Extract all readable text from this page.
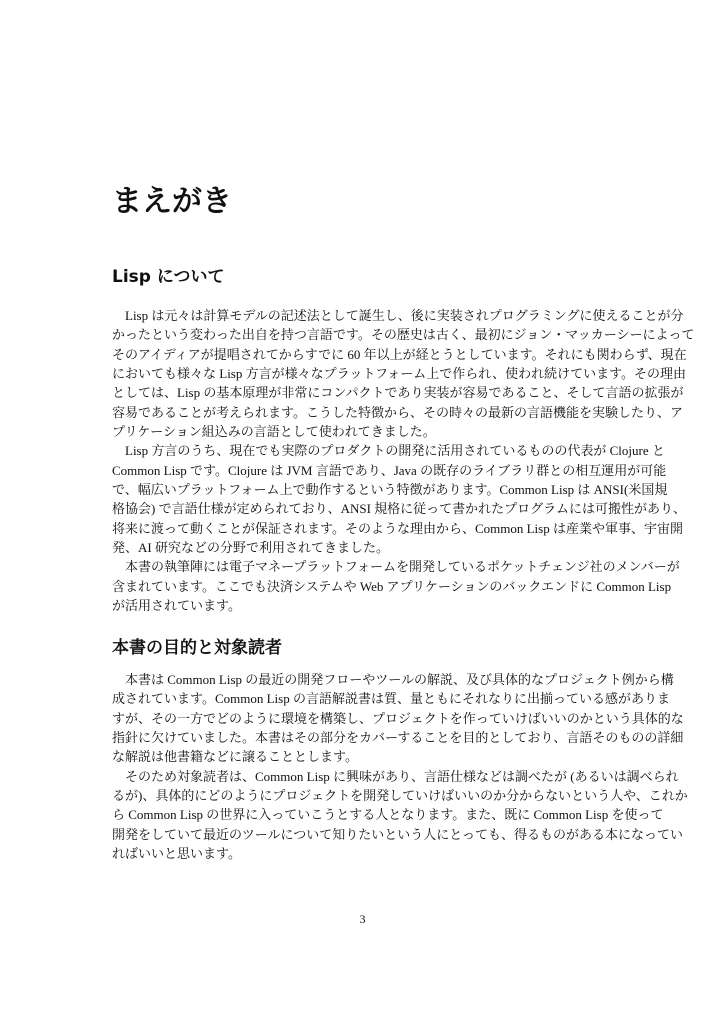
まえがき
Lisp について
Lisp は元々は計算モデルの記述法として誕生し、後に実装されプログラミングに使えることが分
かったという変わった出自を持つ言語です。その歴史は古く、最初にジョン・マッカーシーによって
そのアイディアが提唱されてからすでに 60 年以上が経とうとしています。それにも関わらず、現在
においても様々な Lisp 方言が様々なプラットフォーム上で作られ、使われ続けています。その理由
としては、Lisp の基本原理が非常にコンパクトであり実装が容易であること、そして言語の拡張が
容易であることが考えられます。こうした特徴から、その時々の最新の言語機能を実験したり、ア
プリケーション組込みの言語として使われてきました。
Lisp 方言のうち、現在でも実際のプロダクトの開発に活用されているものの代表が Clojure と
Common Lisp です。Clojure は JVM 言語であり、Java の既存のライブラリ群との相互運用が可能
で、幅広いプラットフォーム上で動作するという特徴があります。Common Lisp は ANSI(米国規
格協会) で言語仕様が定められており、ANSI 規格に従って書かれたプログラムには可搬性があり、
将来に渡って動くことが保証されます。そのような理由から、Common Lisp は産業や軍事、宇宙開
発、AI 研究などの分野で利用されてきました。
本書の執筆陣には電子マネープラットフォームを開発しているポケットチェンジ社のメンバーが
含まれています。ここでも決済システムや Web アプリケーションのバックエンドに Common Lisp
が活用されています。
本書の目的と対象読者
本書は Common Lisp の最近の開発フローやツールの解説、及び具体的なプロジェクト例から構
成されています。Common Lisp の言語解説書は質、量ともにそれなりに出揃っている感がありま
すが、その一方でどのように環境を構築し、プロジェクトを作っていけばいいのかという具体的な
指針に欠けていました。本書はその部分をカバーすることを目的としており、言語そのものの詳細
な解説は他書籍などに譲ることとします。
そのため対象読者は、Common Lisp に興味があり、言語仕様などは調べたが (あるいは調べられ
るが)、具体的にどのようにプロジェクトを開発していけばいいのか分からないという人や、これか
ら Common Lisp の世界に入っていこうとする人となります。また、既に Common Lisp を使って
開発をしていて最近のツールについて知りたいという人にとっても、得るものがある本になってい
ればいいと思います。
3
